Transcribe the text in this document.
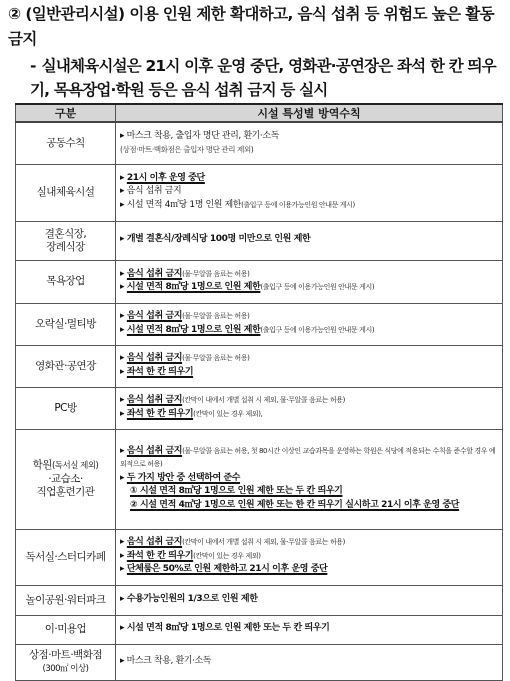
② (일반관리시설) 이용 인원 제한 확대하고, 음식 섭취 등 위험도 높은 활동 금지
- 실내체육시설은 21시 이후 운영 중단, 영화관·공연장은 좌석 한 칸 띄우기, 목욕장업·학원 등은 음식 섭취 금지 등 실시
구분	시설 특성별 방역수칙
공동수칙	▸ 마스크 착용, 출입자 명단 관리, 환기·소독
(상점·마트·백화점은 출입자 명단 관리 제외)

실내체육시설	▸ 21시 이후 운영 중단
▸ 음식 섭취 금지
▸ 시설 면적 4㎡당 1명 인원 제한(출입구 등에 이용가능인원 안내문 게시)

결혼식장,
장례식장	▸ 개별 결혼식/장례식당 100명 미만으로 인원 제한

목욕장업	▸ 음식 섭취 금지(물·무알콜 음료는 허용)
▸ 시설 면적 8㎡당 1명으로 인원 제한(출입구 등에 이용가능인원 안내문 게시)

오락실·멀티방	▸ 음식 섭취 금지(물·무알콜 음료는 허용)
▸ 시설 면적 8㎡당 1명으로 인원 제한(출입구 등에 이용가능인원 안내문 게시)

영화관·공연장	▸ 음식 섭취 금지(물·무알콜 음료는 허용)
▸ 좌석 한 칸 띄우기

PC방	▸ 음식 섭취 금지(칸막이 내에서 개별 섭취 시 제외, 물·무알콜 음료는 허용)
▸ 좌석 한 칸 띄우기(칸막이 있는 경우 제외),

학원(독서실 제외)
·교습소·
직업훈련기관	▸ 음식 섭취 금지(물·무알콜 음료는 허용, 첫 80시간 이상인 교습과목을 운영하는 학원은 식당에 적용되는 수칙을 준수할 경우 예외적으로 허용)
▸ 두 가지 방안 중 선택하여 준수
① 시설 면적 8㎡당 1명으로 인원 제한 또는 두 칸 띄우기
② 시설 면적 4㎡당 1명으로 인원 제한 또는 한 칸 띄우기 실시하고 21시 이후 운영 중단

독서실·스터디카페	▸ 음식 섭취 금지(칸막이 내에서 개별 섭취 시 제외, 물·무알콜 음료는 허용)
▸ 좌석 한 칸 띄우기(칸막이 있는 경우 제외)
▸ 단체룸은 50%로 인원 제한하고 21시 이후 운영 중단

놀이공원·워터파크	▸ 수용가능인원의 1/3으로 인원 제한

이·미용업	▸ 시설 면적 8㎡당 1명으로 인원 제한 또는 두 칸 띄우기

상점·마트·백화점
(300㎡ 이상)	▸ 마스크 착용, 환기·소독
